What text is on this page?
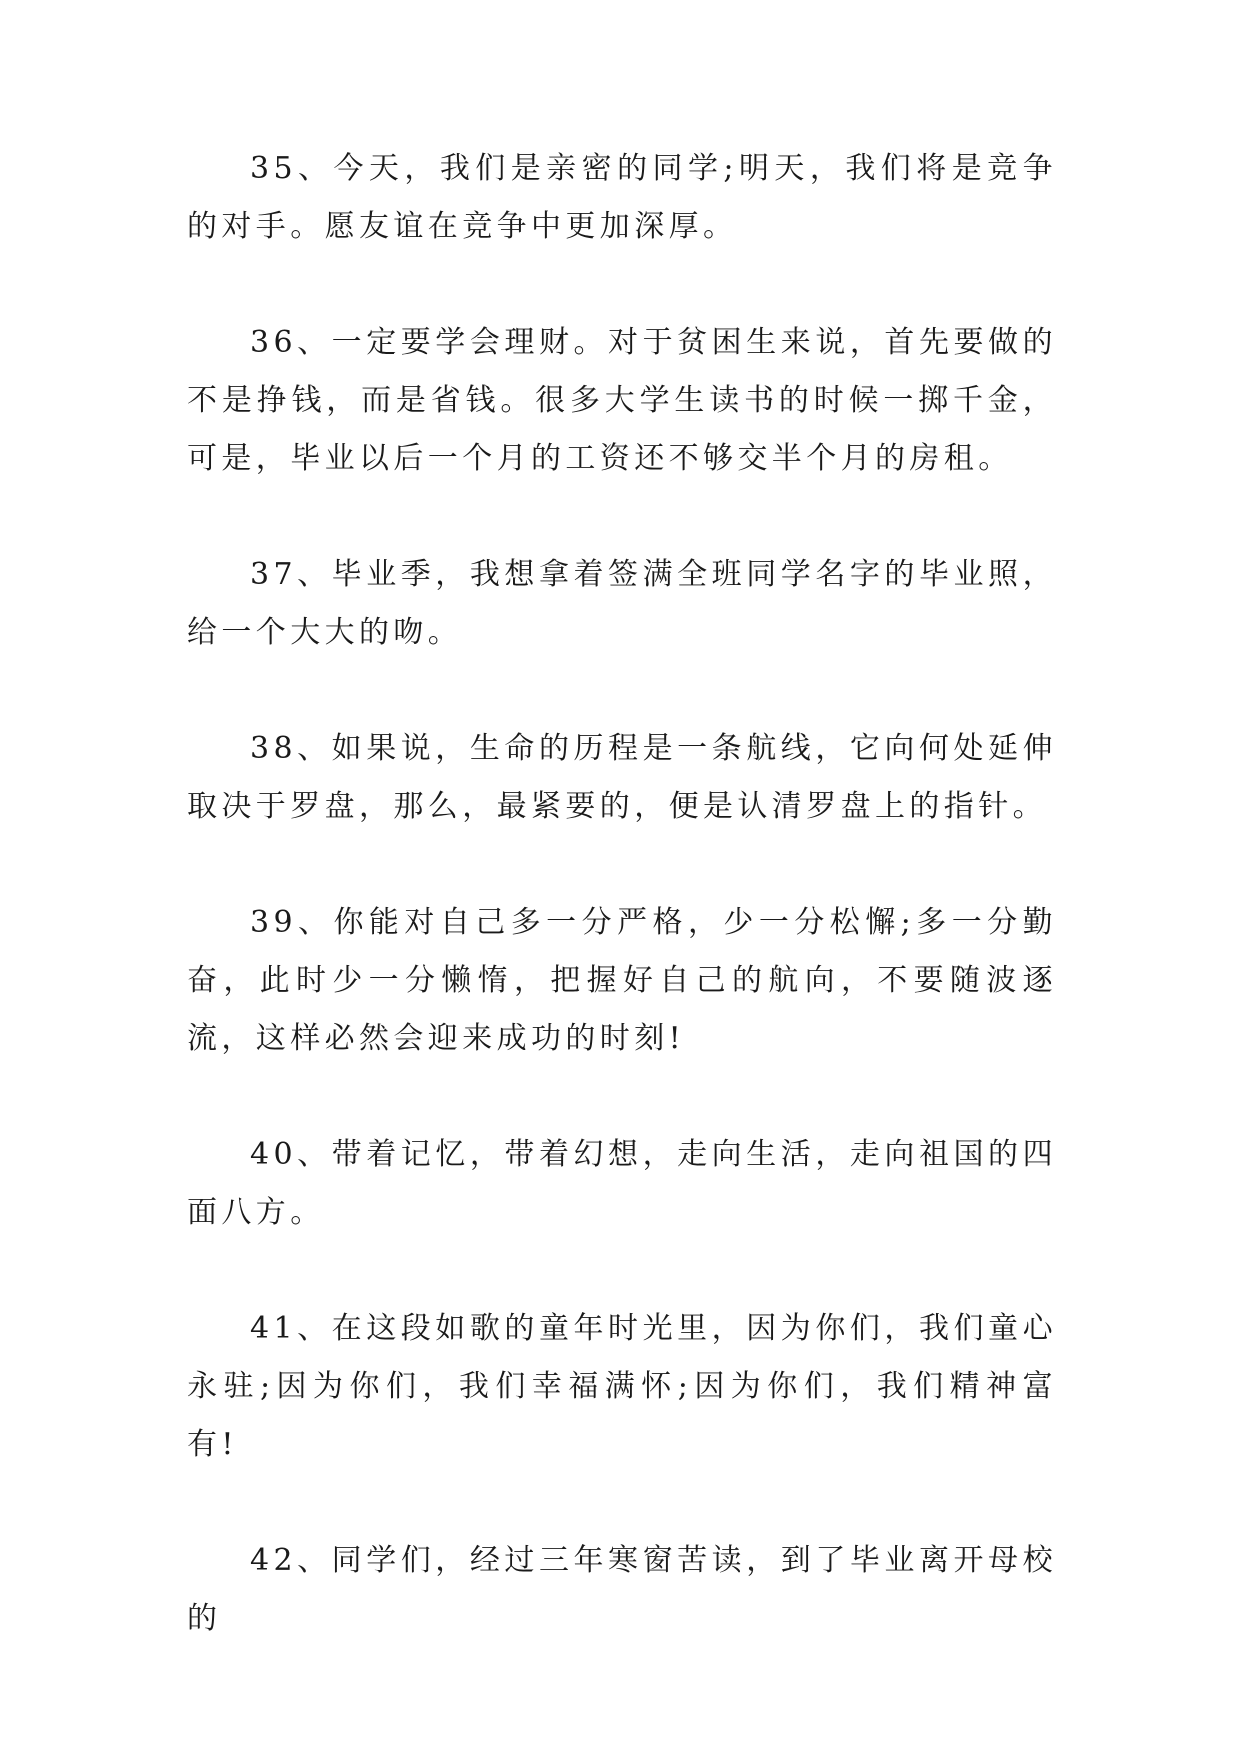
35、今天，我们是亲密的同学;明天，我们将是竞争的对手。愿友谊在竞争中更加深厚。

36、一定要学会理财。对于贫困生来说，首先要做的不是挣钱，而是省钱。很多大学生读书的时候一掷千金，可是，毕业以后一个月的工资还不够交半个月的房租。

37、毕业季，我想拿着签满全班同学名字的毕业照，给一个大大的吻。

38、如果说，生命的历程是一条航线，它向何处延伸取决于罗盘，那么，最紧要的，便是认清罗盘上的指针。

39、你能对自己多一分严格，少一分松懈;多一分勤奋，此时少一分懒惰，把握好自己的航向，不要随波逐流，这样必然会迎来成功的时刻!

40、带着记忆，带着幻想，走向生活，走向祖国的四面八方。

41、在这段如歌的童年时光里，因为你们，我们童心永驻;因为你们，我们幸福满怀;因为你们，我们精神富有!

42、同学们，经过三年寒窗苦读，到了毕业离开母校的
